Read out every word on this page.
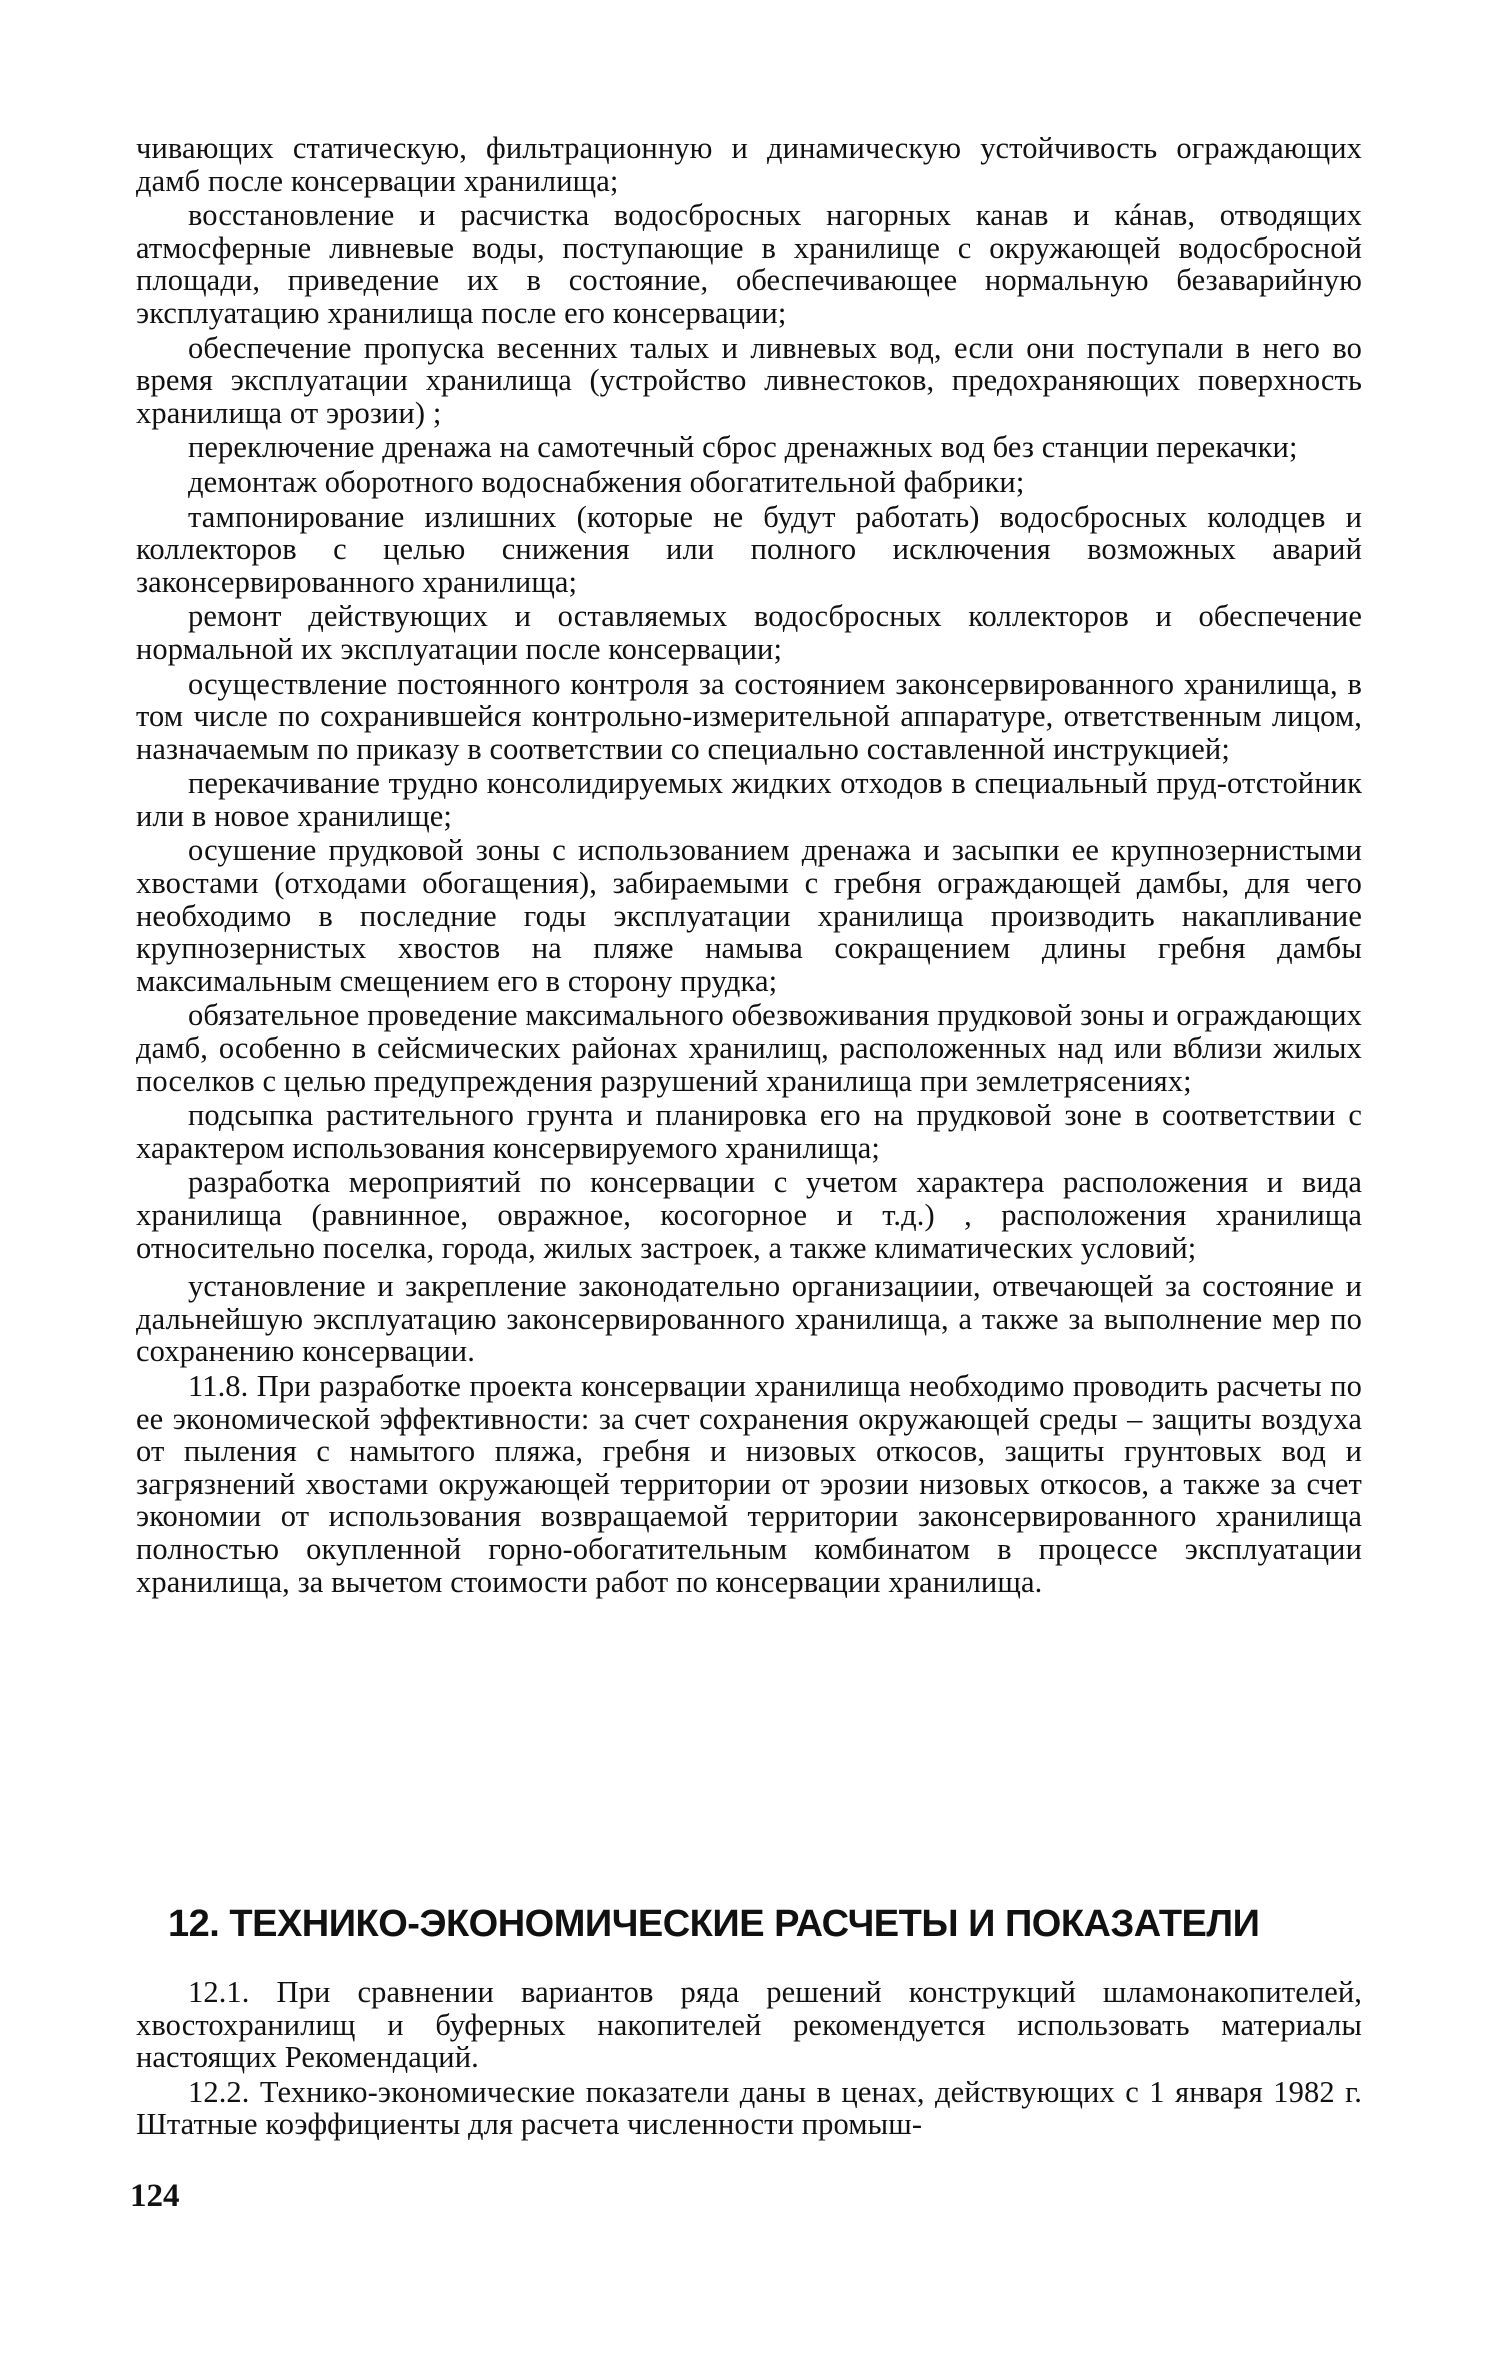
чивающих статическую, фильтрационную и динамическую устойчивость ограждающих дамб после консервации хранилища;

восстановление и расчистка водосбросных нагорных канав и кáнав, отводящих атмосферные ливневые воды, поступающие в хранилище с окружающей водосбросной площади, приведение их в состояние, обеспечивающее нормальную безаварийную эксплуатацию хранилища после его консервации;

обеспечение пропуска весенних талых и ливневых вод, если они поступали в него во время эксплуатации хранилища (устройство ливнестоков, предохраняющих поверхность хранилища от эрозии) ;

переключение дренажа на самотечный сброс дренажных вод без станции перекачки;

демонтаж оборотного водоснабжения обогатительной фабрики;

тампонирование излишних (которые не будут работать) водосбросных колодцев и коллекторов с целью снижения или полного исключения возможных аварий законсервированного хранилища;

ремонт действующих и оставляемых водосбросных коллекторов и обеспечение нормальной их эксплуатации после консервации;

осуществление постоянного контроля за состоянием законсервированного хранилища, в том числе по сохранившейся контрольно-измерительной аппаратуре, ответственным лицом, назначаемым по приказу в соответствии со специально составленной инструкцией;

перекачивание трудно консолидируемых жидких отходов в специальный пруд-отстойник или в новое хранилище;

осушение прудковой зоны с использованием дренажа и засыпки ее крупнозернистыми хвостами (отходами обогащения), забираемыми с гребня ограждающей дамбы, для чего необходимо в последние годы эксплуатации хранилища производить накапливание крупнозернистых хвостов на пляже намыва сокращением длины гребня дамбы максимальным смещением его в сторону прудка;

обязательное проведение максимального обезвоживания прудковой зоны и ограждающих дамб, особенно в сейсмических районах хранилищ, расположенных над или вблизи жилых поселков с целью предупреждения разрушений хранилища при землетрясениях;

подсыпка растительного грунта и планировка его на прудковой зоне в соответствии с характером использования консервируемого хранилища;

разработка мероприятий по консервации с учетом характера расположения и вида хранилища (равнинное, овражное, косогорное и т.д.) , расположения хранилища относительно поселка, города, жилых застроек, а также климатических условий;

установление и закрепление законодательно организациии, отвечающей за состояние и дальнейшую эксплуатацию законсервированного хранилища, а также за выполнение мер по сохранению консервации.

11.8. При разработке проекта консервации хранилища необходимо проводить расчеты по ее экономической эффективности: за счет сохранения окружающей среды – защиты воздуха от пыления с намытого пляжа, гребня и низовых откосов, защиты грунтовых вод и загрязнений хвостами окружающей территории от эрозии низовых откосов, а также за счет экономии от использования возвращаемой территории законсервированного хранилища полностью окупленной горно-обогатительным комбинатом в процессе эксплуатации хранилища, за вычетом стоимости работ по консервации хранилища.

12. ТЕХНИКО-ЭКОНОМИЧЕСКИЕ РАСЧЕТЫ И ПОКАЗАТЕЛИ

12.1. При сравнении вариантов ряда решений конструкций шламонакопителей, хвостохранилищ и буферных накопителей рекомендуется использовать материалы настоящих Рекомендаций.

12.2. Технико-экономические показатели даны в ценах, действующих с 1 января 1982 г. Штатные коэффициенты для расчета численности промыш-

124
